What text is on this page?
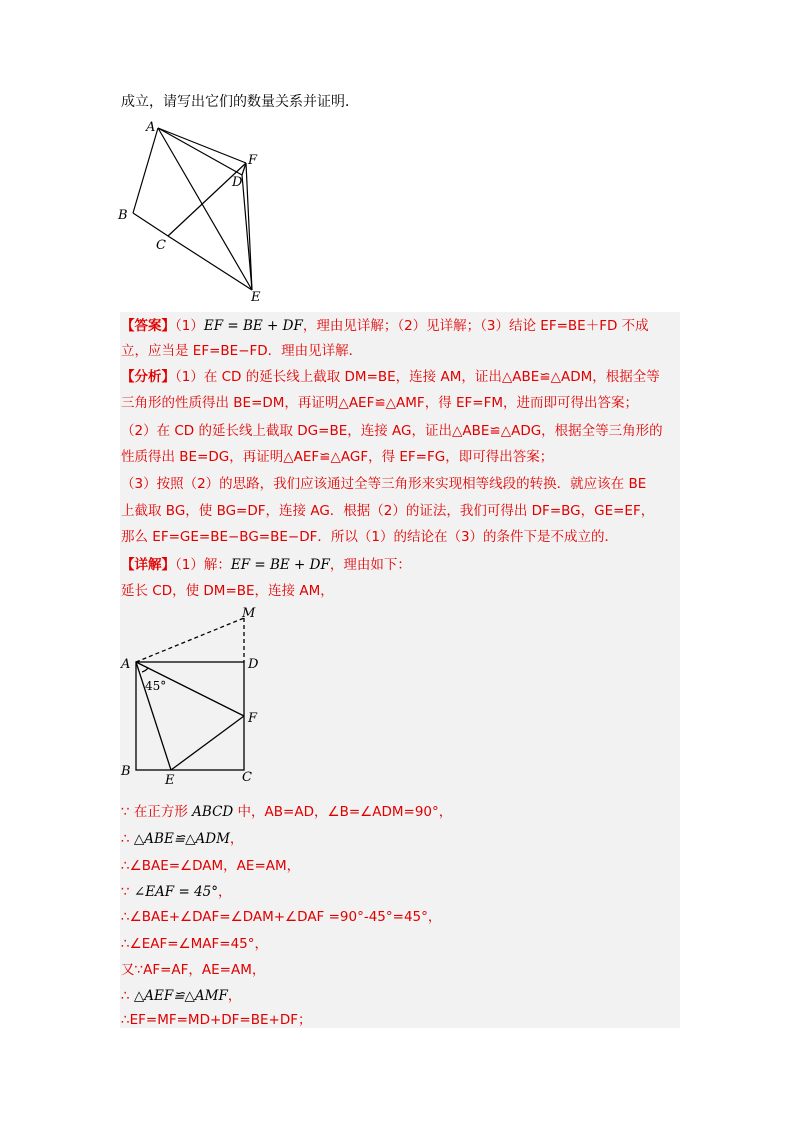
成立，请写出它们的数量关系并证明．
A
B
C
D
E
F
【答案】（1）EF = BE + DF，理由见详解；（2）见详解；（3）结论 EF=BE＋FD 不成
立，应当是 EF=BE−FD．理由见详解．
【分析】（1）在 CD 的延长线上截取 DM=BE，连接 AM，证出△ABE≌△ADM，根据全等
三角形的性质得出 BE=DM，再证明△AEF≌△AMF，得 EF=FM，进而即可得出答案；
（2）在 CD 的延长线上截取 DG=BE，连接 AG，证出△ABE≌△ADG，根据全等三角形的
性质得出 BE=DG，再证明△AEF≌△AGF，得 EF=FG，即可得出答案；
（3）按照（2）的思路，我们应该通过全等三角形来实现相等线段的转换．就应该在 BE
上截取 BG，使 BG=DF，连接 AG．根据（2）的证法，我们可得出 DF=BG，GE=EF，
那么 EF=GE=BE−BG=BE−DF．所以（1）的结论在（3）的条件下是不成立的．
【详解】（1）解：EF = BE + DF，理由如下：
延长 CD，使 DM=BE，连接 AM，
M
A	D
F
B
E	C
45°
∵ 在正方形 ABCD 中，AB=AD，∠B=∠ADM=90°，
∴ △ABE≌△ADM，
∴∠BAE=∠DAM，AE=AM，
∵ ∠EAF = 45°，
∴∠BAE+∠DAF=∠DAM+∠DAF =90°-45°=45°，
∴∠EAF=∠MAF=45°，
又∵AF=AF，AE=AM，
∴ △AEF≌△AMF，
∴EF=MF=MD+DF=BE+DF；
